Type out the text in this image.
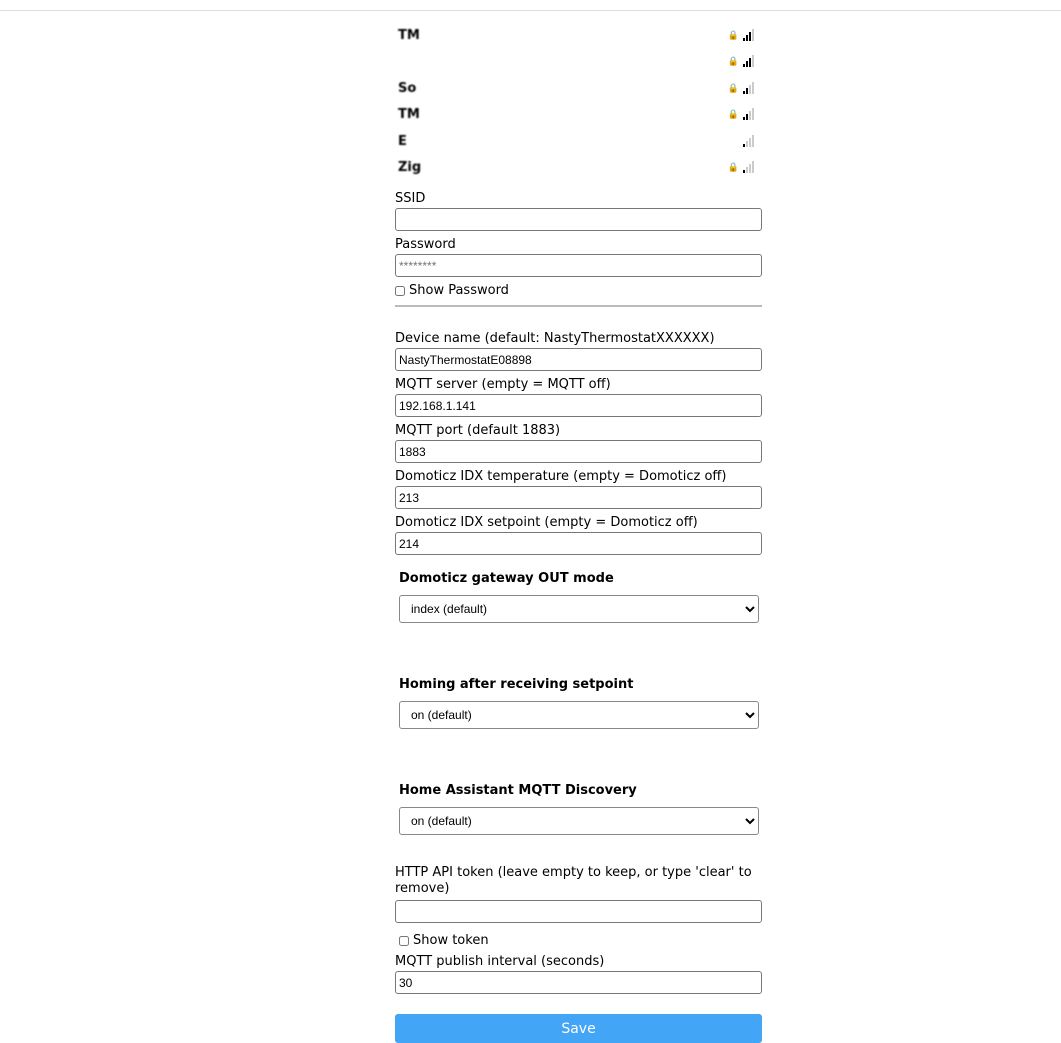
TM	🔒
🔒
So	🔒
TM	🔒
E
Zig	🔒
SSID
Password
Show Password
Device name (default: NastyThermostatXXXXXX)
NastyThermostatE08898
MQTT server (empty = MQTT off)
192.168.1.141
MQTT port (default 1883)
1883
Domoticz IDX temperature (empty = Domoticz off)
213
Domoticz IDX setpoint (empty = Domoticz off)
214
Domoticz gateway OUT mode
index (default)
Homing after receiving setpoint
on (default)
Home Assistant MQTT Discovery
on (default)
HTTP API token (leave empty to keep, or type 'clear' to remove)
Show token
MQTT publish interval (seconds)
30 Save
